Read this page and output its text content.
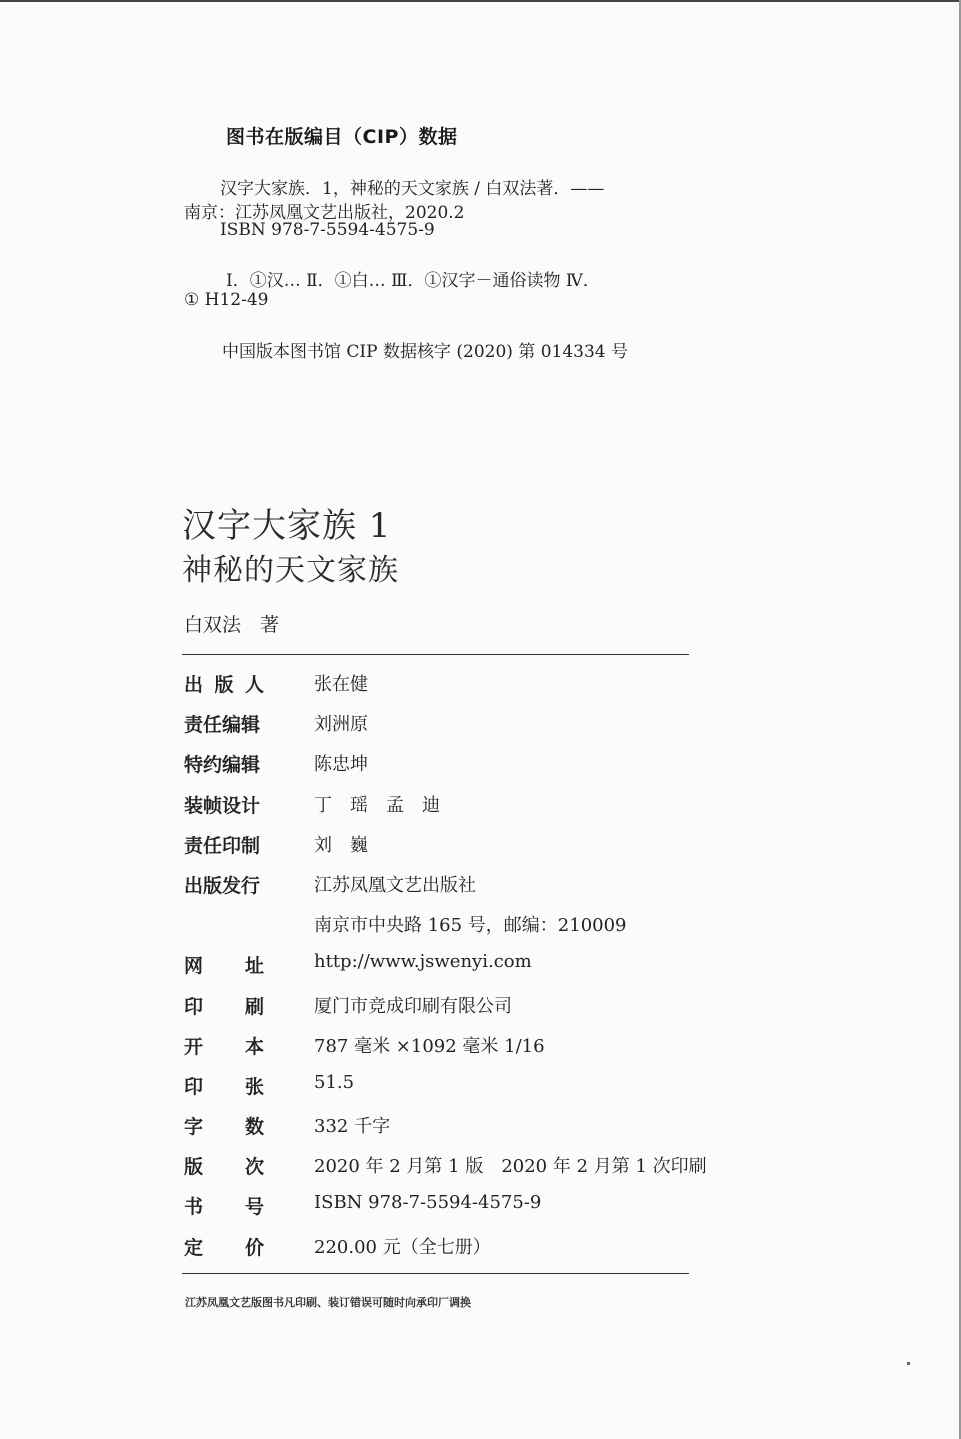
图书在版编目（CIP）数据
汉字大家族．1，神秘的天文家族 / 白双法著．——
南京：江苏凤凰文艺出版社，2020.2
ISBN 978-7-5594-4575-9
Ⅰ．①汉… Ⅱ．①白… Ⅲ．①汉字－通俗读物 Ⅳ．
① H12-49
中国版本图书馆 CIP 数据核字 (2020) 第 014334 号
汉字大家族 1
神秘的天文家族
白双法　著
出 版 人	张在健
责任编辑	刘洲原
特约编辑	陈忠坤
装帧设计	丁　瑶　孟　迪
责任印制	刘　巍
出版发行	江苏凤凰文艺出版社
南京市中央路 165 号，邮编：210009
网 址	http://www.jswenyi.com
印 刷	厦门市竞成印刷有限公司
开 本	787 毫米 ×1092 毫米 1/16
印 张	51.5
字 数	332 千字
版 次	2020 年 2 月第 1 版　2020 年 2 月第 1 次印刷
书 号	ISBN 978-7-5594-4575-9
定 价	220.00 元（全七册）
江苏凤凰文艺版图书凡印刷、装订错误可随时向承印厂调换
